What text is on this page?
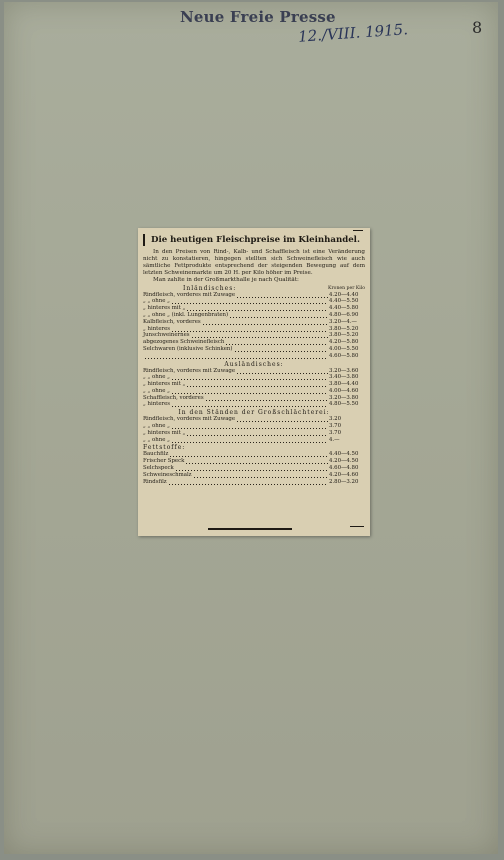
Neue Freie Presse
12./VIII. 1915.	8
Die heutigen Fleischpreise im Kleinhandel.
In den Preisen von Rind-, Kalb- und Schaffleisch ist eine Veränderung nicht zu konstatieren, hingegen stellten sich Schweinefleisch wie auch sämtliche Fettprodukte entsprechend der steigenden Bewegung auf dem letzten Schweinemarkte um 20 H. per Kilo höher im Preise.
Man zahlte in der Großmarkthalle je nach Qualität:
Inländisches:	Kronen per Kilo
Rindfleisch, vorderes mit Zuwage	4.20—4.40
„ „ ohne „	4.40—5.50
„ hinteres mit „	4.40—5.80
„ „ ohne „ (inkl. Lungenbraten)	4.80—6.90
Kalbfleisch, vorderes	3.20—4.—
„ hinteres	3.80—5.20
Junschweinernes	3.80—5.20
abgezogenes Schweinefleisch	4.20—5.80
Selchwaren (inklusive Schinken)	4.00—5.50
4.60—5.80
Ausländisches:
Rindfleisch, vorderes mit Zuwage	3.20—3.60
„ „ ohne „	3.40—3.80
„ hinteres mit „	3.80—4.40
„ „ ohne „	4.00—4.60
Schaffleisch, vorderes	3.20—3.80
„ hinteres	4.80—5.50
In den Ständen der Großschlächterei:
Rindfleisch, vorderes mit Zuwage	3.20
„ „ ohne „	3.70
„ hinteres mit „	3.70
„ „ ohne „	4.—
Fettstoffe:
Bauchfilz	4.40—4.50
Frischer Speck	4.20—4.50
Selchspeck	4.60—4.80
Schweineschmalz	4.20—4.60
Rindsfilz	2.80—3.20
